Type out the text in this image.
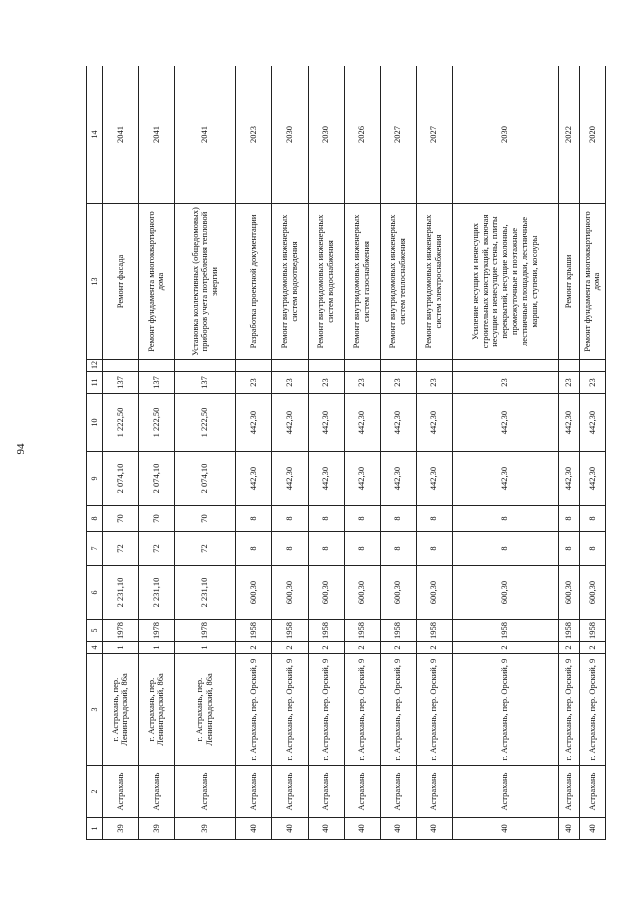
94
1	2	3	4	5	6	7	8	9	10	11	12	13	14
39	Астрахань	г. Астрахань, пер. Ленинградский, 86а	1	1978	2 231,10	72	70	2 074,10	1 222,50	137		Ремонт фасада	2041
39	Астрахань	г. Астрахань, пер. Ленинградский, 86а	1	1978	2 231,10	72	70	2 074,10	1 222,50	137		Ремонт фундамента многоквартирного дома	2041
39	Астрахань	г. Астрахань, пер. Ленинградский, 86а	1	1978	2 231,10	72	70	2 074,10	1 222,50	137		Установка коллективных (общедомовых) приборов учета потребления тепловой энергии	2041
40	Астрахань	г. Астрахань, пер. Орский, 9	2	1958	600,30	8	8	442,30	442,30	23		Разработка проектной документации	2023
40	Астрахань	г. Астрахань, пер. Орский, 9	2	1958	600,30	8	8	442,30	442,30	23		Ремонт внутридомовых инженерных систем водоотведения	2030
40	Астрахань	г. Астрахань, пер. Орский, 9	2	1958	600,30	8	8	442,30	442,30	23		Ремонт внутридомовых инженерных систем водоснабжения	2030
40	Астрахань	г. Астрахань, пер. Орский, 9	2	1958	600,30	8	8	442,30	442,30	23		Ремонт внутридомовых инженерных систем газоснабжения	2026
40	Астрахань	г. Астрахань, пер. Орский, 9	2	1958	600,30	8	8	442,30	442,30	23		Ремонт внутридомовых инженерных систем теплоснабжения	2027
40	Астрахань	г. Астрахань, пер. Орский, 9	2	1958	600,30	8	8	442,30	442,30	23		Ремонт внутридомовых инженерных систем электроснабжения	2027
40	Астрахань	г. Астрахань, пер. Орский, 9	2	1958	600,30	8	8	442,30	442,30	23		Усиление несущих и ненесущих строительных конструкций, включая несущие и ненесущие стены, плиты перекрытий, несущие колонны, промежуточные и поэтажные лестничные площадки, лестничные марши, ступени, косоуры	2030
40	Астрахань	г. Астрахань, пер. Орский, 9	2	1958	600,30	8	8	442,30	442,30	23		Ремонт крыши	2022
40	Астрахань	г. Астрахань, пер. Орский, 9	2	1958	600,30	8	8	442,30	442,30	23		Ремонт фундамента многоквартирного дома	2020
